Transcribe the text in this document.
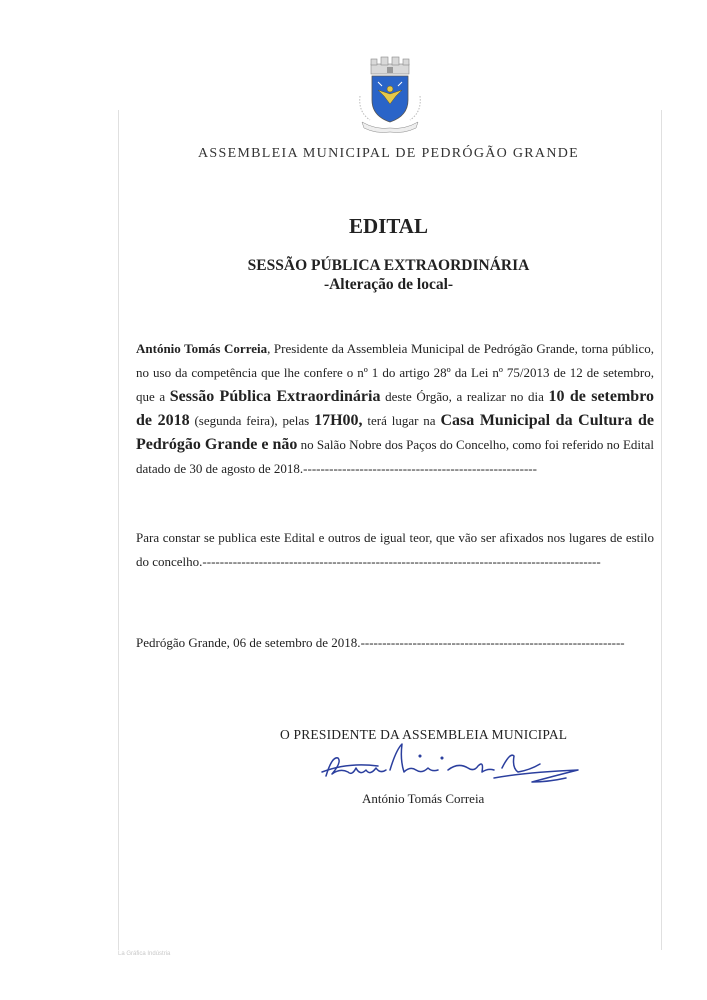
ASSEMBLEIA MUNICIPAL DE PEDRÓGÃO GRANDE
EDITAL
SESSÃO PÚBLICA EXTRAORDINÁRIA
-Alteração de local-
António Tomás Correia, Presidente da Assembleia Municipal de Pedrógão Grande, torna público, no uso da competência que lhe confere o nº 1 do artigo 28º da Lei nº 75/2013 de 12 de setembro, que a Sessão Pública Extraordinária deste Órgão, a realizar no dia 10 de setembro de 2018 (segunda feira), pelas 17H00, terá lugar na Casa Municipal da Cultura de Pedrógão Grande e não no Salão Nobre dos Paços do Concelho, como foi referido no Edital datado de 30 de agosto de 2018.------------------------------------------------------
Para constar se publica este Edital e outros de igual teor, que vão ser afixados nos lugares de estilo do concelho.--------------------------------------------------------------------------------------------
Pedrógão Grande, 06 de setembro de 2018.-------------------------------------------------------------
O PRESIDENTE DA ASSEMBLEIA MUNICIPAL
António Tomás Correia
La Gráfica Indústria
